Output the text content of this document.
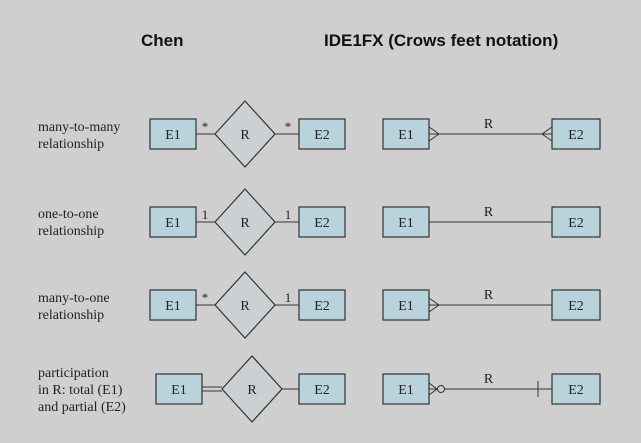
Chen	IDE1FX (Crows feet notation)
many-to-many
relationship
one-to-one
relationship
many-to-one
relationship
participation
in R: total (E1)
and partial (E2)
R
E1	E2
*	*	R
E1	E2
R
E1	E2
1	1	R
E1	E2
R
E1	E2
*	1	R
E1	E2
R
E1	E2
R
E1	E2
